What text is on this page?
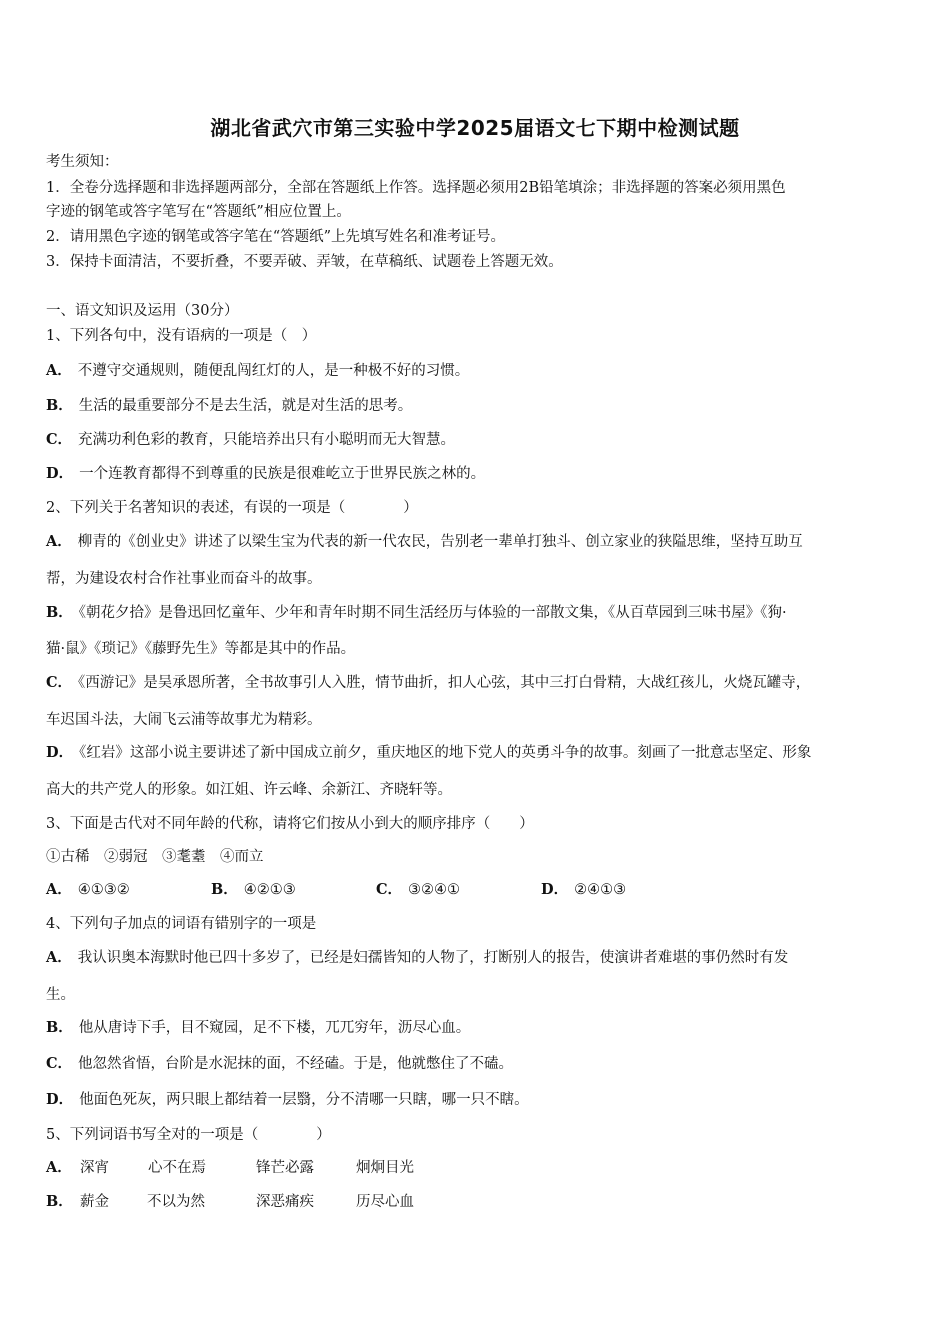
湖北省武穴市第三实验中学2025届语文七下期中检测试题
考生须知：
1．全卷分选择题和非选择题两部分，全部在答题纸上作答。选择题必须用2B铅笔填涂；非选择题的答案必须用黑色
字迹的钢笔或答字笔写在“答题纸”相应位置上。
2．请用黑色字迹的钢笔或答字笔在“答题纸”上先填写姓名和准考证号。
3．保持卡面清洁，不要折叠，不要弄破、弄皱，在草稿纸、试题卷上答题无效。
一、语文知识及运用（30分）
1、下列各句中，没有语病的一项是（　）
A． 不遵守交通规则，随便乱闯红灯的人，是一种极不好的习惯。
B． 生活的最重要部分不是去生活，就是对生活的思考。
C． 充满功利色彩的教育，只能培养出只有小聪明而无大智慧。
D． 一个连教育都得不到尊重的民族是很难屹立于世界民族之林的。
2、下列关于名著知识的表述，有误的一项是（　　　　）
A． 柳青的《创业史》讲述了以梁生宝为代表的新一代农民，告别老一辈单打独斗、创立家业的狭隘思维，坚持互助互
帮，为建设农村合作社事业而奋斗的故事。
B． 《朝花夕拾》是鲁迅回忆童年、少年和青年时期不同生活经历与体验的一部散文集，《从百草园到三味书屋》《狗·
猫·鼠》《琐记》《藤野先生》等都是其中的作品。
C． 《西游记》是吴承恩所著，全书故事引人入胜，情节曲折，扣人心弦，其中三打白骨精，大战红孩儿，火烧瓦罐寺，
车迟国斗法，大闹飞云浦等故事尤为精彩。
D． 《红岩》这部小说主要讲述了新中国成立前夕，重庆地区的地下党人的英勇斗争的故事。刻画了一批意志坚定、形象
高大的共产党人的形象。如江姐、许云峰、余新江、齐晓轩等。
3、下面是古代对不同年龄的代称，请将它们按从小到大的顺序排序（　　）
①古稀　②弱冠　③耄耋　④而立
A． ④①③②	B． ④②①③	C． ③②④①	D． ②④①③
4、下列句子加点的词语有错别字的一项是
A． 我认识奥本海默时他已四十多岁了，已经是妇孺皆知的人物了，打断别人的报告，使演讲者难堪的事仍然时有发
生。
B． 他从唐诗下手，目不窥园，足不下楼，兀兀穷年，沥尽心血。
C． 他忽然省悟，台阶是水泥抹的面，不经磕。于是，他就憋住了不磕。
D． 他面色死灰，两只眼上都结着一层翳，分不清哪一只瞎，哪一只不瞎。
5、下列词语书写全对的一项是（　　　　）
A． 深宵	心不在焉	锋芒必露	炯炯目光
B． 薪金	不以为然	深恶痛疾	历尽心血
